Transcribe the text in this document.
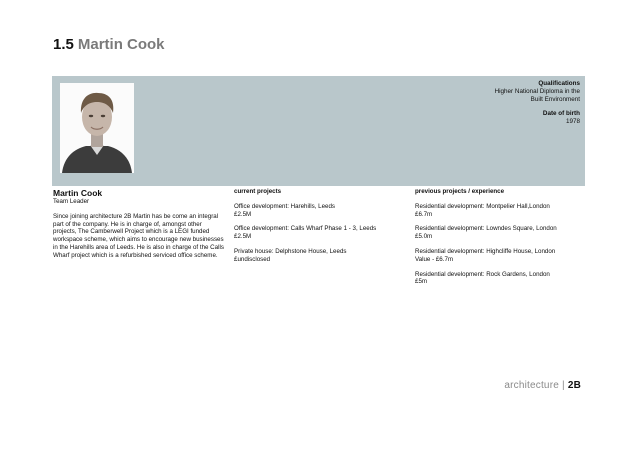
1.5 Martin Cook
Qualifications
Higher National Diploma in the
Built Environment
Date of birth
1978
Martin Cook
Team Leader
Since joining architecture 2B Martin has be come an integral part of the company. He is in charge of, amongst other projects, The Camberwell Project which is a LEGI funded workspace scheme, which aims to encourage new businesses in the Harehills area of Leeds. He is also in charge of the Calls Wharf project which is a refurbished serviced office scheme.
current projects
Office development: Harehills, Leeds
£2.5M
Office development: Calls Wharf Phase 1 - 3, Leeds
£2.5M
Private house: Delphstone House, Leeds
£undisclosed
previous projects / experience
Residential development: Montpelier Hall,London
£6.7m
Residential development: Lowndes Square, London
£5.0m
Residential development: Highcliffe House, London
Value - £6.7m
Residential development: Rock Gardens, London
£5m
architecture | 2B
